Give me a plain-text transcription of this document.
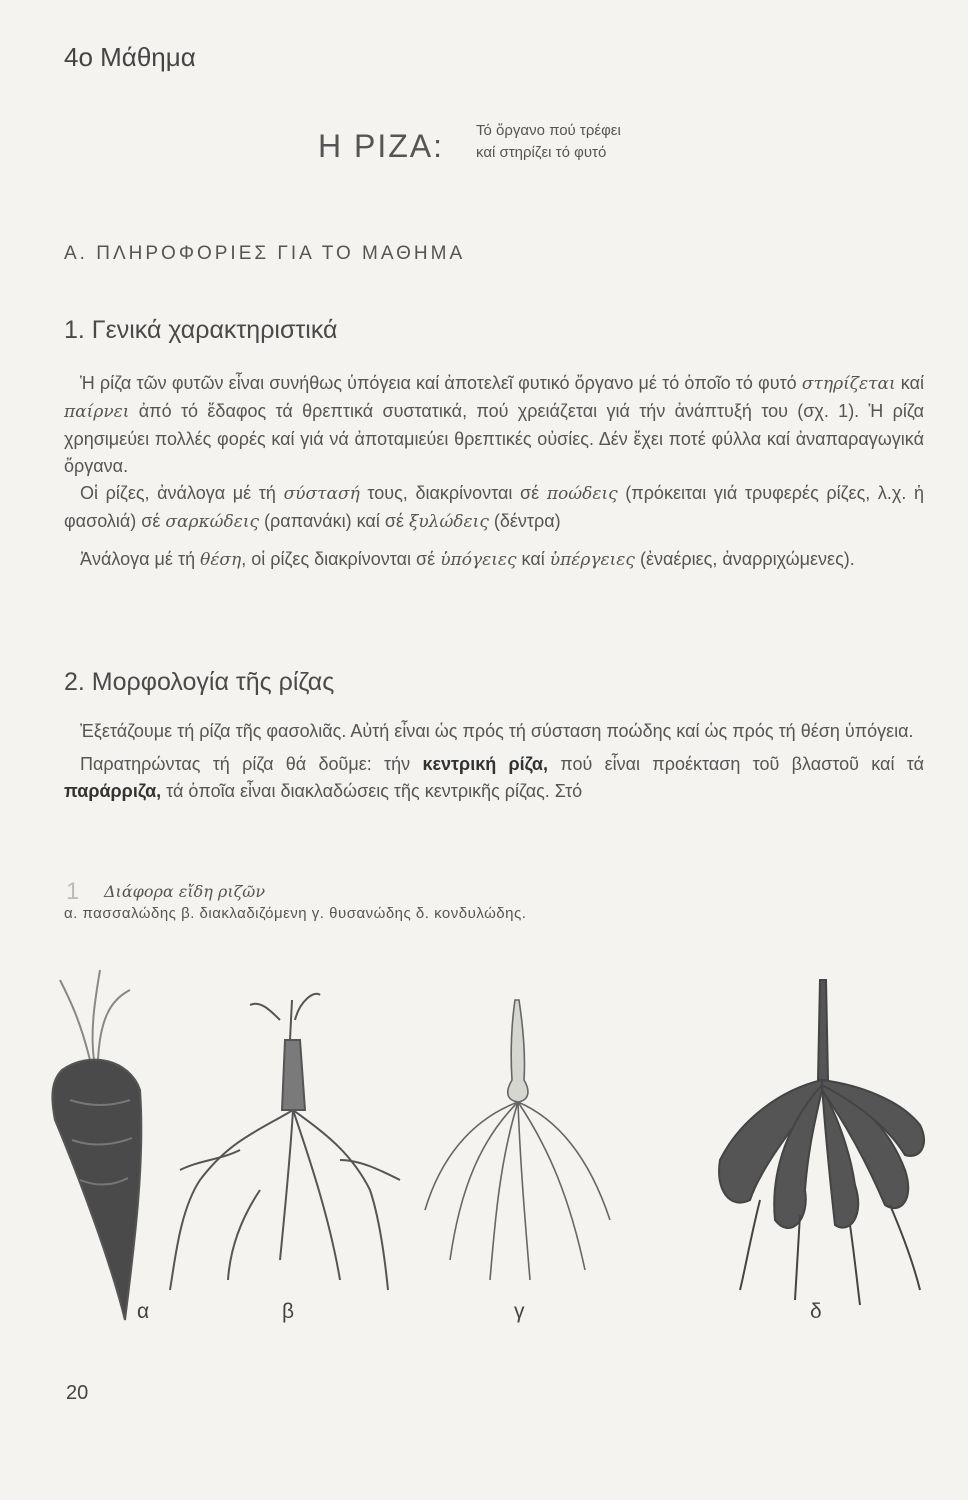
4ο Μάθημα
Η ΡΙΖΑ: Τό ὄργανο πού τρέφει
καί στηρίζει τό φυτό
Α. ΠΛΗΡΟΦΟΡΙΕΣ ΓΙΑ ΤΟ ΜΑΘΗΜΑ
1. Γενικά χαρακτηριστικά

Ἡ ρίζα τῶν φυτῶν εἶναι συνήθως ὑπόγεια καί ἀποτελεῖ φυτικό ὄργανο μέ τό ὁποῖο τό φυτό στηρίζεται καί παίρνει ἀπό τό ἔδαφος τά θρεπτικά συστατικά, πού χρειάζεται γιά τήν ἀνάπτυξή του (σχ. 1). Ἡ ρίζα χρησιμεύει πολλές φορές καί γιά νά ἀποταμιεύει θρεπτικές οὐσίες. Δέν ἔχει ποτέ φύλλα καί ἀναπαραγωγικά ὄργανα.

Οἱ ρίζες, ἀνάλογα μέ τή σύστασή τους, διακρίνονται σέ ποώδεις (πρόκειται γιά τρυφερές ρίζες, λ.χ. ἡ φασολιά) σέ σαρκώδεις (ραπανάκι) καί σέ ξυλώδεις (δέντρα)

Ἀνάλογα μέ τή θέση, οἱ ρίζες διακρίνονται σέ ὑπόγειες καί ὑπέργειες (ἐναέριες, ἀναρριχώμενες).

2. Μορφολογία τῆς ρίζας

Ἐξετάζουμε τή ρίζα τῆς φασολιᾶς. Αὐτή εἶναι ὡς πρός τή σύσταση ποώδης καί ὡς πρός τή θέση ὑπόγεια.

Παρατηρώντας τή ρίζα θά δοῦμε: τήν κεντρική ρίζα, πού εἶναι προέκταση τοῦ βλαστοῦ καί τά παράρριζα, τά ὁποῖα εἶναι διακλαδώσεις τῆς κεντρικῆς ρίζας. Στό

1 Διάφορα εἴδη ριζῶν
α. πασσαλώδης β. διακλαδιζόμενη γ. θυσανώδης δ. κονδυλώδης.
α	β	γ	δ
20
